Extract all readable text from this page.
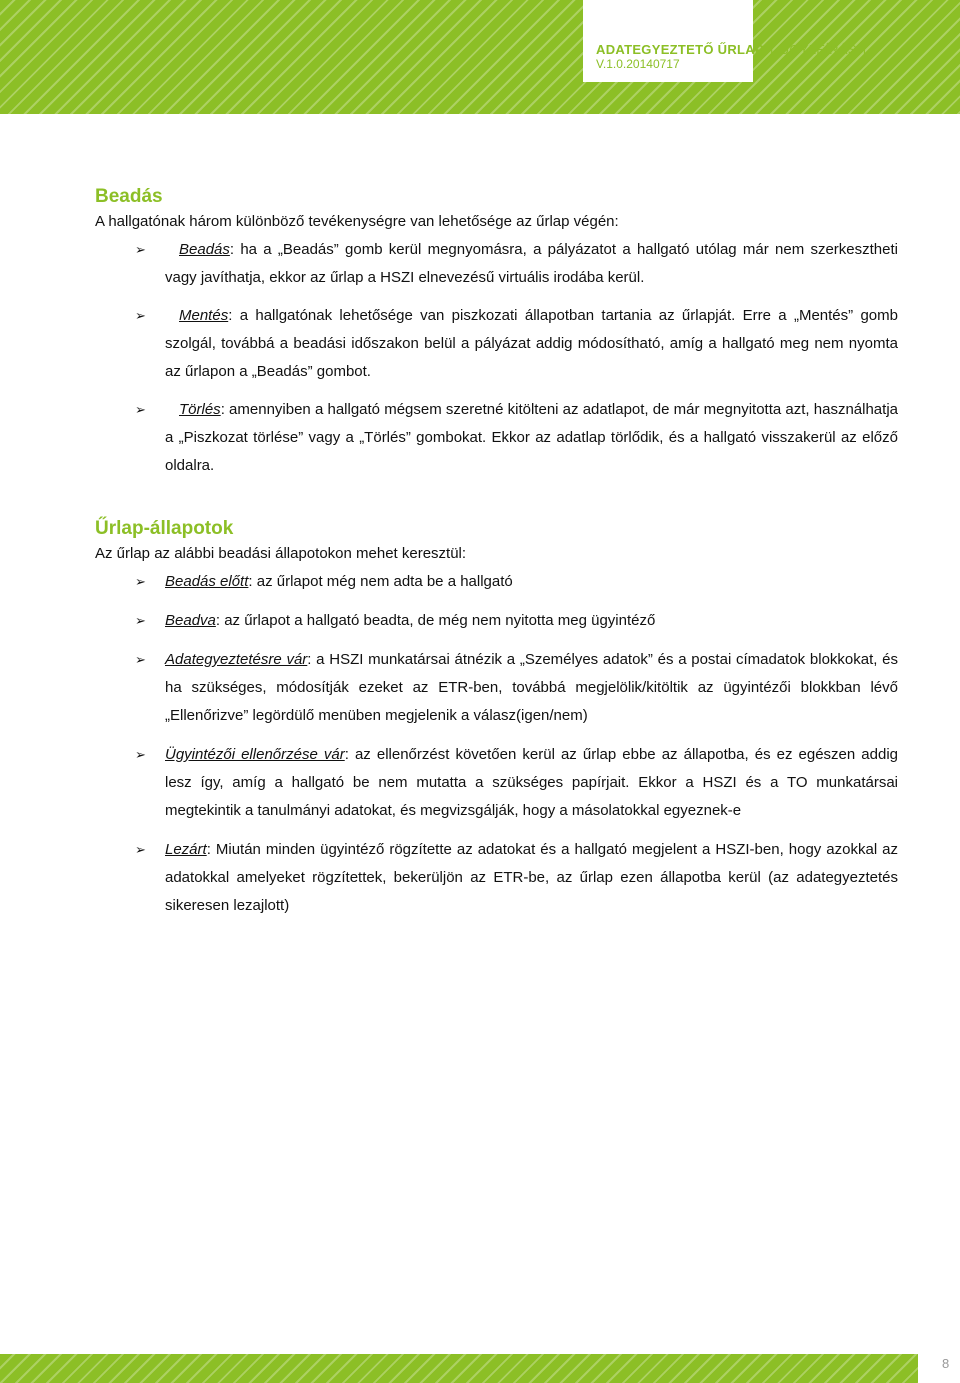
ADATEGYEZTETŐ ŰRLAP | ÜGYLEÍRÁS |
V.1.0.20140717
Beadás

A hallgatónak három különböző tevékenységre van lehetősége az űrlap végén:

➢ Beadás: ha a „Beadás” gomb kerül megnyomásra, a pályázatot a hallgató utólag már nem szerkesztheti vagy javíthatja, ekkor az űrlap a HSZI elnevezésű virtuális irodába kerül.
➢ Mentés: a hallgatónak lehetősége van piszkozati állapotban tartania az űrlapját. Erre a „Mentés” gomb szolgál, továbbá a beadási időszakon belül a pályázat addig módosítható, amíg a hallgató meg nem nyomta az űrlapon a „Beadás” gombot.
➢ Törlés: amennyiben a hallgató mégsem szeretné kitölteni az adatlapot, de már megnyitotta azt, használhatja a „Piszkozat törlése” vagy a „Törlés” gombokat. Ekkor az adatlap törlődik, és a hallgató visszakerül az előző oldalra.
Űrlap-állapotok

Az űrlap az alábbi beadási állapotokon mehet keresztül:

➢ Beadás előtt: az űrlapot még nem adta be a hallgató
➢ Beadva: az űrlapot a hallgató beadta, de még nem nyitotta meg ügyintéző
➢ Adategyeztetésre vár: a HSZI munkatársai átnézik a „Személyes adatok” és a postai címadatok blokkokat, és ha szükséges, módosítják ezeket az ETR-ben, továbbá megjelölik/kitöltik az ügyintézői blokkban lévő „Ellenőrizve” legördülő menüben megjelenik a válasz(igen/nem)
➢ Ügyintézői ellenőrzése vár: az ellenőrzést követően kerül az űrlap ebbe az állapotba, és ez egészen addig lesz így, amíg a hallgató be nem mutatta a szükséges papírjait. Ekkor a HSZI és a TO munkatársai megtekintik a tanulmányi adatokat, és megvizsgálják, hogy a másolatokkal egyeznek-e
➢ Lezárt: Miután minden ügyintéző rögzítette az adatokat és a hallgató megjelent a HSZI-ben, hogy azokkal az adatokkal amelyeket rögzítettek, bekerüljön az ETR-be, az űrlap ezen állapotba kerül (az adategyeztetés sikeresen lezajlott)
8
